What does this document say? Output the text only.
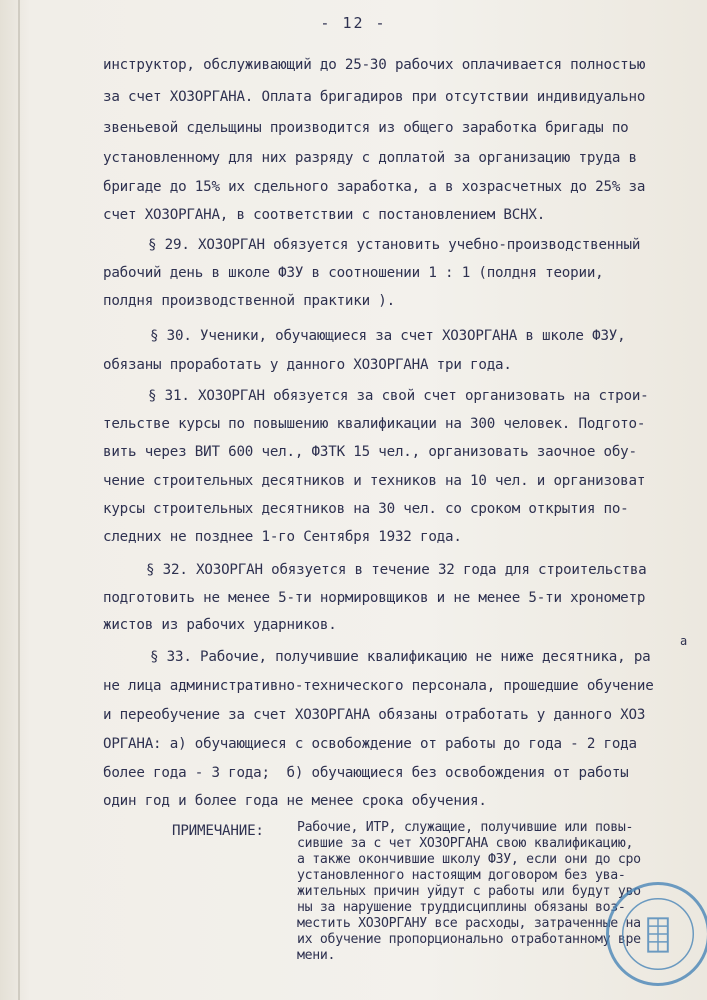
- 12 -
инструктор, обслуживающий до 25-30 рабочих оплачивается полностью
за счет ХОЗОРГАНА. Оплата бригадиров при отсутствии индивидуально
звеньевой сдельщины производится из общего заработка бригады по
установленному для них разряду с доплатой за организацию труда в
бригаде до 15% их сдельного заработка, а в хозрасчетных до 25% за
счет ХОЗОРГАНА, в соответствии с постановлением ВСНХ.
§ 29. ХОЗОРГАН обязуется установить учебно-производственный
рабочий день в школе ФЗУ в соотношении 1 : 1 (полдня теории,
полдня производственной практики ).
§ 30. Ученики, обучающиеся за счет ХОЗОРГАНА в школе ФЗУ,
обязаны проработать у данного ХОЗОРГАНА три года.
§ 31. ХОЗОРГАН обязуется за свой счет организовать на строи-
тельстве курсы по повышению квалификации на 300 человек. Подгото-
вить через ВИТ 600 чел., ФЗТК 15 чел., организовать заочное обу-
чение строительных десятников и техников на 10 чел. и организоват
курсы строительных десятников на 30 чел. со сроком открытия по-
следних не позднее 1-го Сентября 1932 года.
§ 32. ХОЗОРГАН обязуется в течение 32 года для строительства
подготовить не менее 5-ти нормировщиков и не менее 5-ти хронометр
жистов из рабочих ударников.
а
§ 33. Рабочие, получившие квалификацию не ниже десятника, ра
не лица административно-технического персонала, прошедшие обучение
и переобучение за счет ХОЗОРГАНА обязаны отработать у данного ХОЗ
ОРГАНА: а) обучающиеся с освобождение от работы до года - 2 года
более года - 3 года;  б) обучающиеся без освобождения от работы
один год и более года не менее срока обучения.
ПРИМЕЧАНИЕ:	Рабочие, ИТР, служащие, получившие или повы-
сившие за с чет ХОЗОРГАНА свою квалификацию,
а также окончившие школу ФЗУ, если они до сро
установленного настоящим договором без ува-
жительных причин уйдут с работы или будут уво
ны за нарушение труддисциплины обязаны воз-
местить ХОЗОРГАНУ все расходы, затраченные на
их обучение пропорционально отработанному вре
мени.
